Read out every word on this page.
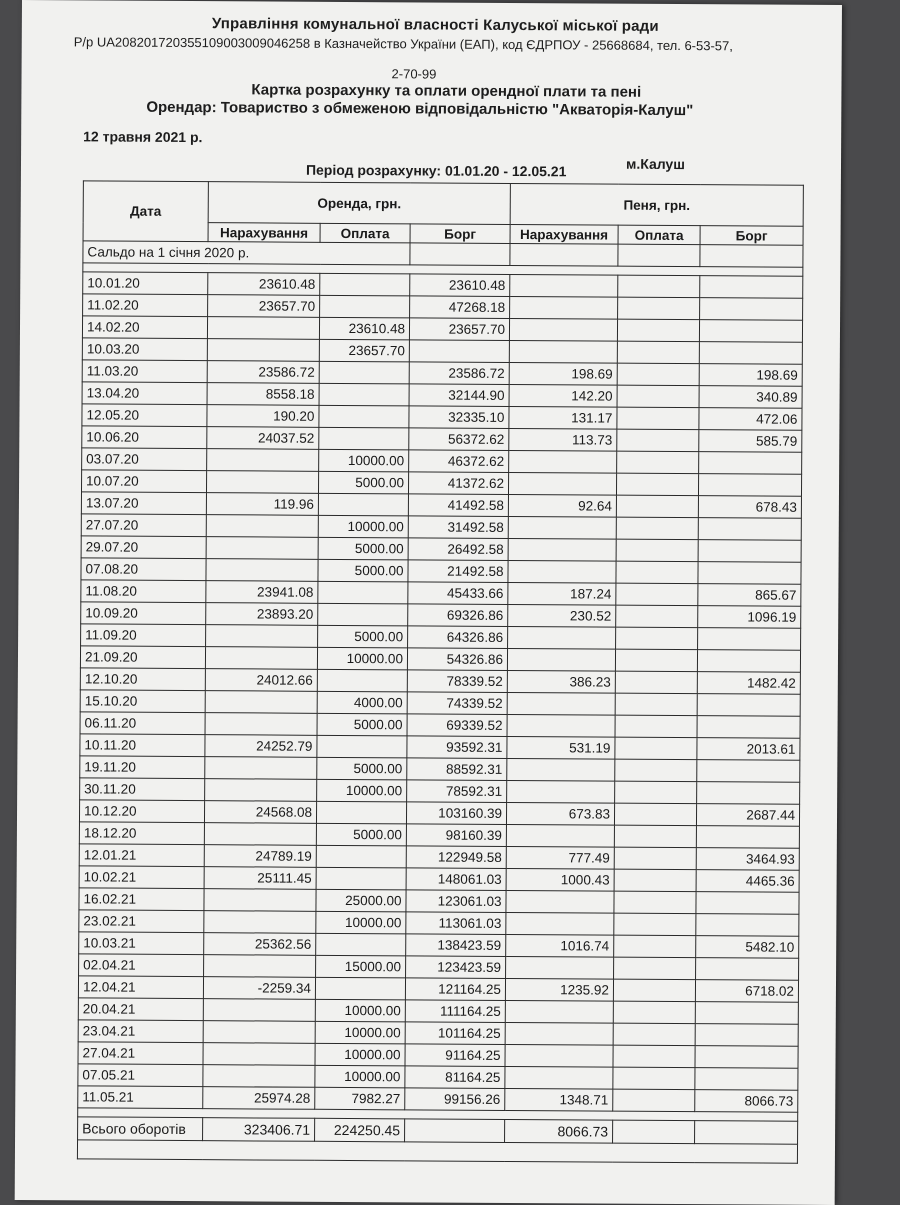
Управління комунальної власності Калуської міської ради
Р/р UA208201720355109003009046258 в Казначейство України (ЕАП), код ЄДРПОУ - 25668684, тел. 6-53-57,
2-70-99
Картка розрахунку та оплати орендної плати та пені
Орендар: Товариство з обмеженою відповідальністю "Акваторія-Калуш"
12 травня 2021 р.
м.Калуш
Період розрахунку: 01.01.20 - 12.05.21
Дата	Оренда, грн.			Пеня, грн.		
	Нарахування	Оплата	Борг	Нарахування	Оплата	Борг
Сальдо на 1 січня 2020 р.						

10.01.20	23610.48		23610.48			
11.02.20	23657.70		47268.18			
14.02.20		23610.48	23657.70			
10.03.20		23657.70				
11.03.20	23586.72		23586.72	198.69		198.69
13.04.20	8558.18		32144.90	142.20		340.89
12.05.20	190.20		32335.10	131.17		472.06
10.06.20	24037.52		56372.62	113.73		585.79
03.07.20		10000.00	46372.62			
10.07.20		5000.00	41372.62			
13.07.20	119.96		41492.58	92.64		678.43
27.07.20		10000.00	31492.58			
29.07.20		5000.00	26492.58			
07.08.20		5000.00	21492.58			
11.08.20	23941.08		45433.66	187.24		865.67
10.09.20	23893.20		69326.86	230.52		1096.19
11.09.20		5000.00	64326.86			
21.09.20		10000.00	54326.86			
12.10.20	24012.66		78339.52	386.23		1482.42
15.10.20		4000.00	74339.52			
06.11.20		5000.00	69339.52			
10.11.20	24252.79		93592.31	531.19		2013.61
19.11.20		5000.00	88592.31			
30.11.20		10000.00	78592.31			
10.12.20	24568.08		103160.39	673.83		2687.44
18.12.20		5000.00	98160.39			
12.01.21	24789.19		122949.58	777.49		3464.93
10.02.21	25111.45		148061.03	1000.43		4465.36
16.02.21		25000.00	123061.03			
23.02.21		10000.00	113061.03			
10.03.21	25362.56		138423.59	1016.74		5482.10
02.04.21		15000.00	123423.59			
12.04.21	-2259.34		121164.25	1235.92		6718.02
20.04.21		10000.00	111164.25			
23.04.21		10000.00	101164.25			
27.04.21		10000.00	91164.25			
07.05.21		10000.00	81164.25			
11.05.21	25974.28	7982.27	99156.26	1348.71		8066.73

Всього оборотів	323406.71	224250.45		8066.73		
